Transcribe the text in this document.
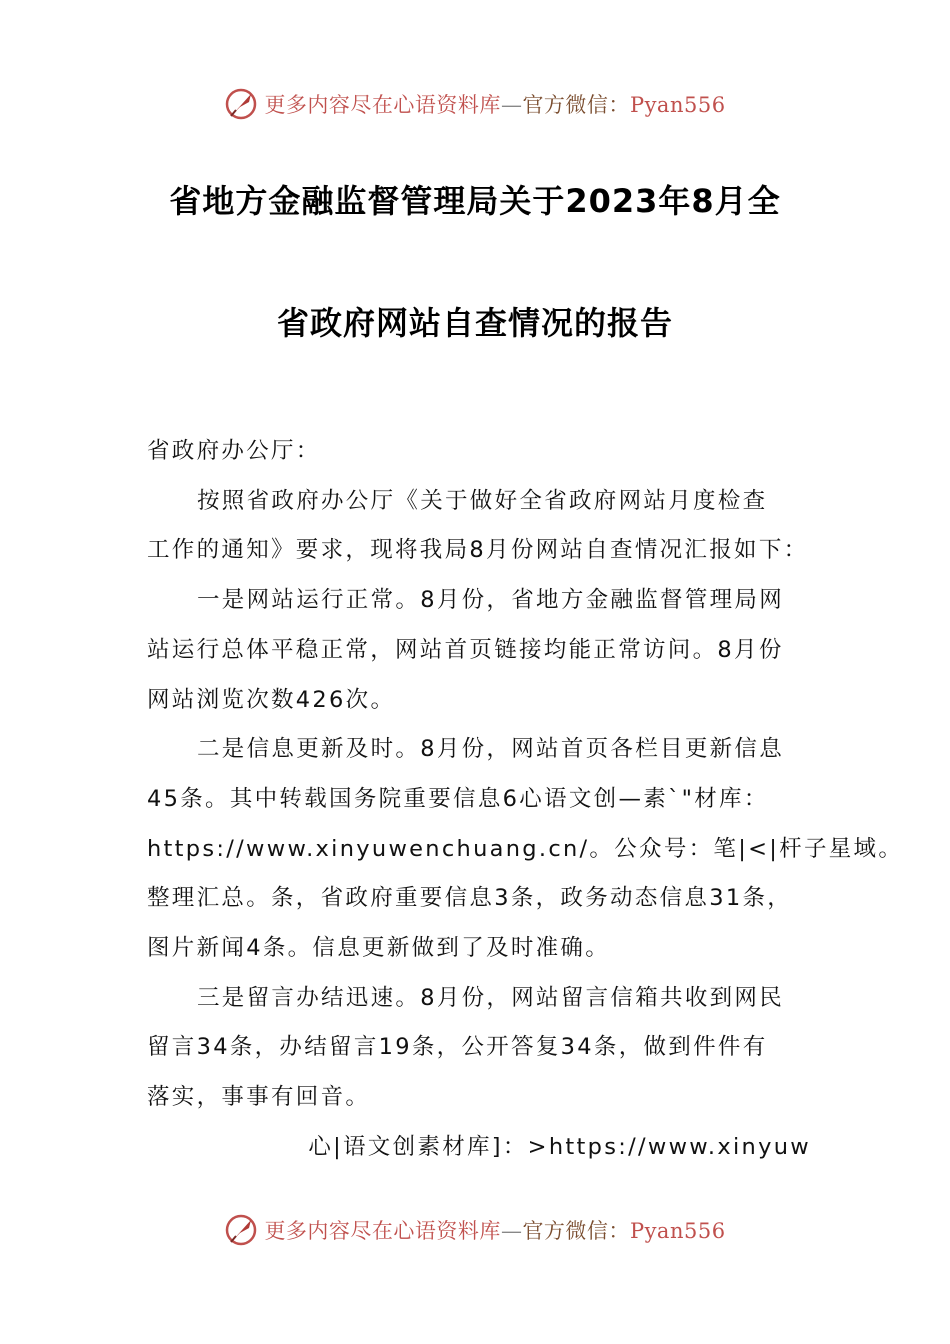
更多内容尽在心语资料库—官方微信：Pyan556
省地方金融监督管理局关于2023年8月全
省政府网站自查情况的报告

省政府办公厅：

按照省政府办公厅《关于做好全省政府网站月度检查

工作的通知》要求，现将我局8月份网站自查情况汇报如下：

一是网站运行正常。8月份，省地方金融监督管理局网

站运行总体平稳正常，网站首页链接均能正常访问。8月份

网站浏览次数426次。

二是信息更新及时。8月份，网站首页各栏目更新信息

45条。其中转载国务院重要信息6心语文创—素`"材库：

https://www.xinyuwenchuang.cn/。公众号：笔|<|杆子星域。

整理汇总。条，省政府重要信息3条，政务动态信息31条，

图片新闻4条。信息更新做到了及时准确。

三是留言办结迅速。8月份，网站留言信箱共收到网民

留言34条，办结留言19条，公开答复34条，做到件件有

落实，事事有回音。

心|语文创素材库]：>https://www.xinyuw

更多内容尽在心语资料库—官方微信：Pyan556
